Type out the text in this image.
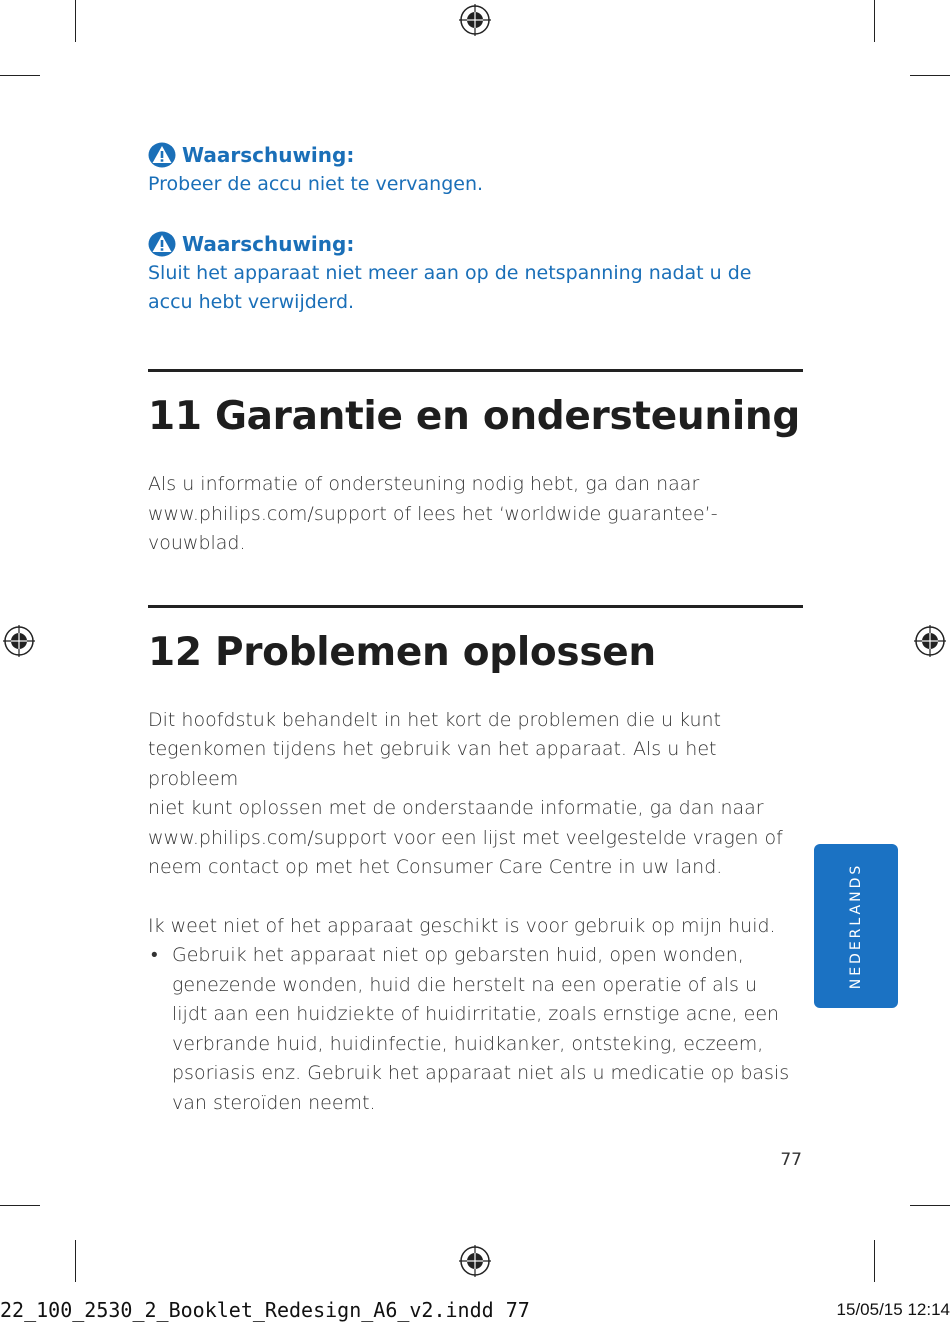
Waarschuwing:

Probeer de accu niet te vervangen.

Waarschuwing:

Sluit het apparaat niet meer aan op de netspanning nadat u de
accu hebt verwijderd.

11 Garantie en ondersteuning

Als u informatie of ondersteuning nodig hebt, ga dan naar
www.philips.com/support of lees het ‘worldwide guarantee’-vouwblad.

12 Problemen oplossen

Dit hoofdstuk behandelt in het kort de problemen die u kunt
tegenkomen tijdens het gebruik van het apparaat. Als u het probleem
niet kunt oplossen met de onderstaande informatie, ga dan naar
www.philips.com/support voor een lijst met veelgestelde vragen of
neem contact op met het Consumer Care Centre in uw land.

Ik weet niet of het apparaat geschikt is voor gebruik op mijn huid.

• Gebruik het apparaat niet op gebarsten huid, open wonden,
genezende wonden, huid die herstelt na een operatie of als u
lijdt aan een huidziekte of huidirritatie, zoals ernstige acne, een
verbrande huid, huidinfectie, huidkanker, ontsteking, eczeem,
psoriasis enz. Gebruik het apparaat niet als u medicatie op basis
van steroïden neemt.
NEDERLANDS
77
22_100_2530_2_Booklet_Redesign_A6_v2.indd 77	15/05/15 12:14
